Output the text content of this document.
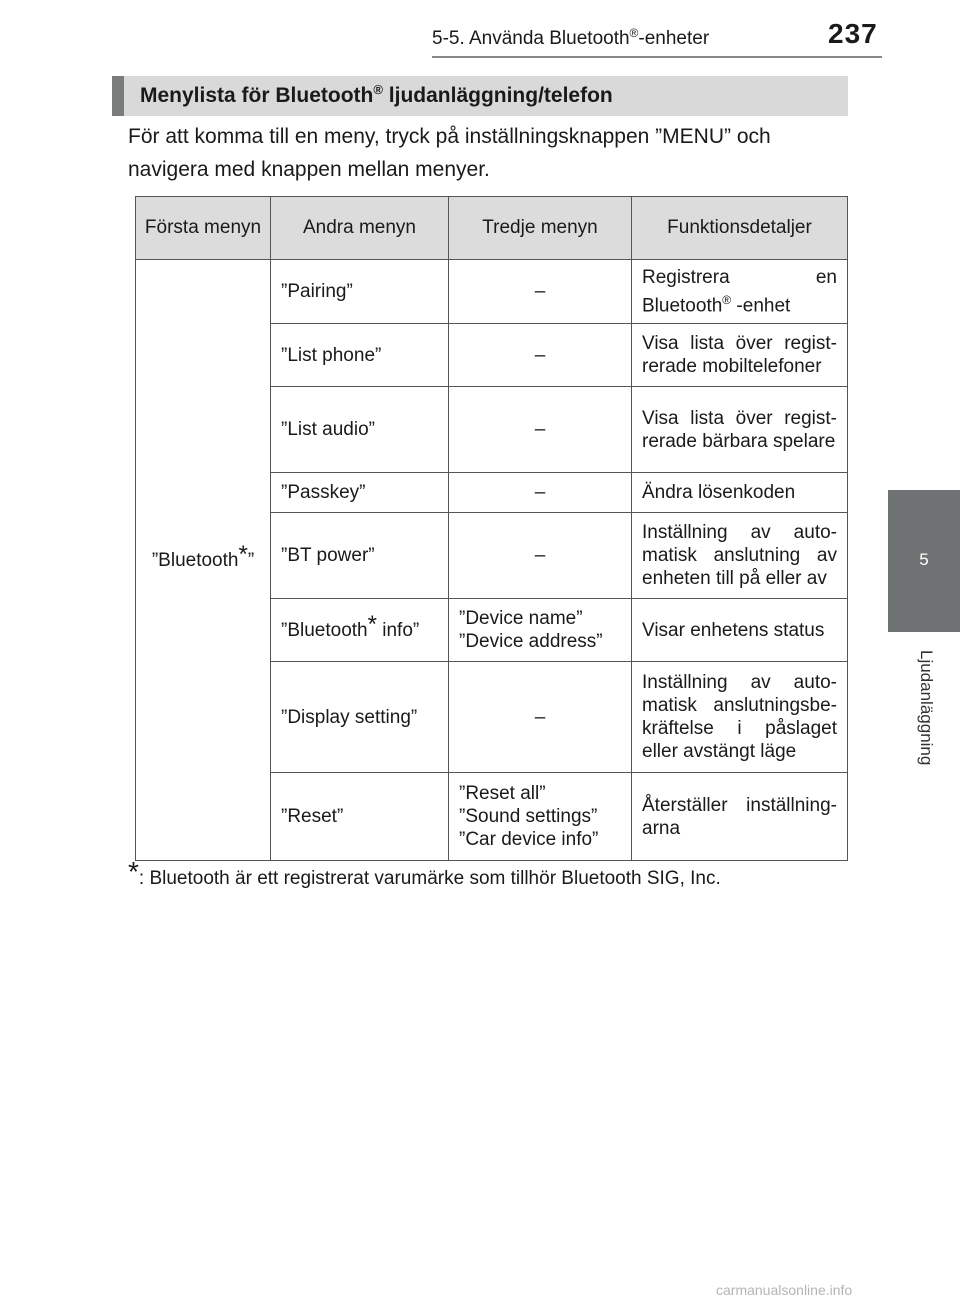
5-5. Använda Bluetooth®-enheter	237
5
Ljudanläggning
Menylista för Bluetooth® ljudanläggning/telefon
För att komma till en meny, tryck på inställningsknappen ”MENU” och navigera med knappen mellan menyer.
Första menyn	Andra menyn	Tredje menyn	Funktionsdetaljer
”Bluetooth*”	”Pairing”	–	Registrera en Bluetooth® -enhet
	”List phone”	–	Visa lista över registrerade mobiltelefoner
	”List audio”	–	Visa lista över registrerade bärbara spelare
	”Passkey”	–	Ändra lösenkoden
	”BT power”	–	Inställning av automatisk anslutning av enheten till på eller av
	”Bluetooth* info”	”Device name”
”Device address”	Visar enhetens status
	”Display setting”	–	Inställning av automatisk anslutningsbekräftelse i påslaget eller avstängt läge
	”Reset”	”Reset all”
”Sound settings”
”Car device info”	Återställer inställningarna
*: Bluetooth är ett registrerat varumärke som tillhör Bluetooth SIG, Inc.
carmanualsonline.info
